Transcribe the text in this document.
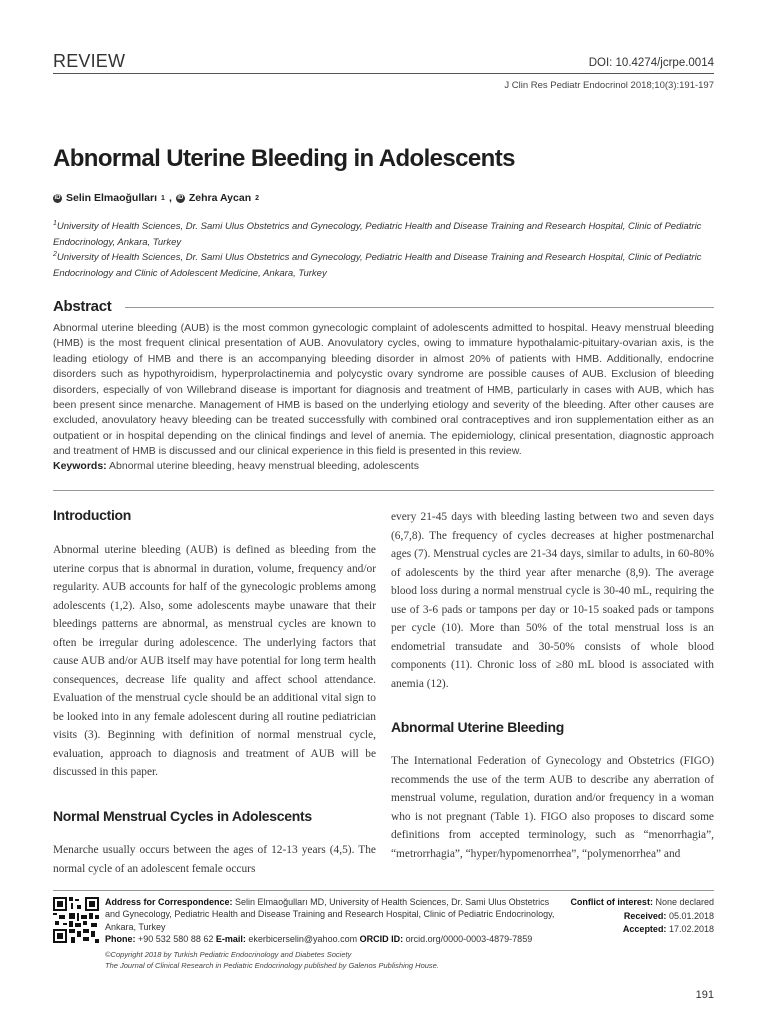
REVIEW	DOI: 10.4274/jcrpe.0014
J Clin Res Pediatr Endocrinol 2018;10(3):191-197
Abnormal Uterine Bleeding in Adolescents
iD Selin Elmaoğulları 1 , iD Zehra Aycan 2
$^1$University of Health Sciences, Dr. Sami Ulus Obstetrics and Gynecology, Pediatric Health and Disease Training and Research Hospital, Clinic of Pediatric Endocrinology, Ankara, Turkey
$^2$University of Health Sciences, Dr. Sami Ulus Obstetrics and Gynecology, Pediatric Health and Disease Training and Research Hospital, Clinic of Pediatric Endocrinology and Clinic of Adolescent Medicine, Ankara, Turkey
Abstract
Abnormal uterine bleeding (AUB) is the most common gynecologic complaint of adolescents admitted to hospital. Heavy menstrual bleeding (HMB) is the most frequent clinical presentation of AUB. Anovulatory cycles, owing to immature hypothalamic-pituitary-ovarian axis, is the leading etiology of HMB and there is an accompanying bleeding disorder in almost 20% of patients with HMB. Additionally, endocrine disorders such as hypothyroidism, hyperprolactinemia and polycystic ovary syndrome are possible causes of AUB. Exclusion of bleeding disorders, especially of von Willebrand disease is important for diagnosis and treatment of HMB, particularly in cases with AUB, which has been present since menarche. Management of HMB is based on the underlying etiology and severity of the bleeding. After other causes are excluded, anovulatory heavy bleeding can be treated successfully with combined oral contraceptives and iron supplementation either as an outpatient or in hospital depending on the clinical findings and level of anemia. The epidemiology, clinical presentation, diagnostic approach and treatment of HMB is discussed and our clinical experience in this field is presented in this review.
Keywords: Abnormal uterine bleeding, heavy menstrual bleeding, adolescents
Introduction
Abnormal uterine bleeding (AUB) is defined as bleeding from the uterine corpus that is abnormal in duration, volume, frequency and/or regularity. AUB accounts for half of the gynecologic problems among adolescents (1,2). Also, some adolescents maybe unaware that their bleedings patterns are abnormal, as menstrual cycles are known to often be irregular during adolescence. The underlying factors that cause AUB and/or AUB itself may have potential for long term health consequences, decrease life quality and affect school attendance. Evaluation of the menstrual cycle should be an additional vital sign to be looked into in any female adolescent during all routine pediatrician visits (3). Beginning with definition of normal menstrual cycle, evaluation, approach to diagnosis and treatment of AUB will be discussed in this paper.
Normal Menstrual Cycles in Adolescents
Menarche usually occurs between the ages of 12-13 years (4,5). The normal cycle of an adolescent female occurs
every 21-45 days with bleeding lasting between two and seven days (6,7,8). The frequency of cycles decreases at higher postmenarchal ages (7). Menstrual cycles are 21-34 days, similar to adults, in 60-80% of adolescents by the third year after menarche (8,9). The average blood loss during a normal menstrual cycle is 30-40 mL, requiring the use of 3-6 pads or tampons per day or 10-15 soaked pads or tampons per cycle (10). More than 50% of the total menstrual loss is an endometrial transudate and 30-50% consists of whole blood components (11). Chronic loss of ≥80 mL blood is associated with anemia (12).
Abnormal Uterine Bleeding
The International Federation of Gynecology and Obstetrics (FIGO) recommends the use of the term AUB to describe any aberration of menstrual volume, regulation, duration and/or frequency in a woman who is not pregnant (Table 1). FIGO also proposes to discard some definitions from accepted terminology, such as “menorrhagia”, “metrorrhagia”, “hyper/hypomenorrhea”, “polymenorrhea” and
Address for Correspondence: Selin Elmaoğulları MD, University of Health Sciences, Dr. Sami Ulus Obstetrics and Gynecology, Pediatric Health and Disease Training and Research Hospital, Clinic of Pediatric Endocrinology, Ankara, Turkey
Phone: +90 532 580 88 62 E-mail: ekerbicerselin@yahoo.com ORCID ID: orcid.org/0000-0003-4879-7859
Conflict of interest: None declared
Received: 05.01.2018
Accepted: 17.02.2018
©Copyright 2018 by Turkish Pediatric Endocrinology and Diabetes Society
The Journal of Clinical Research in Pediatric Endocrinology published by Galenos Publishing House.
191
